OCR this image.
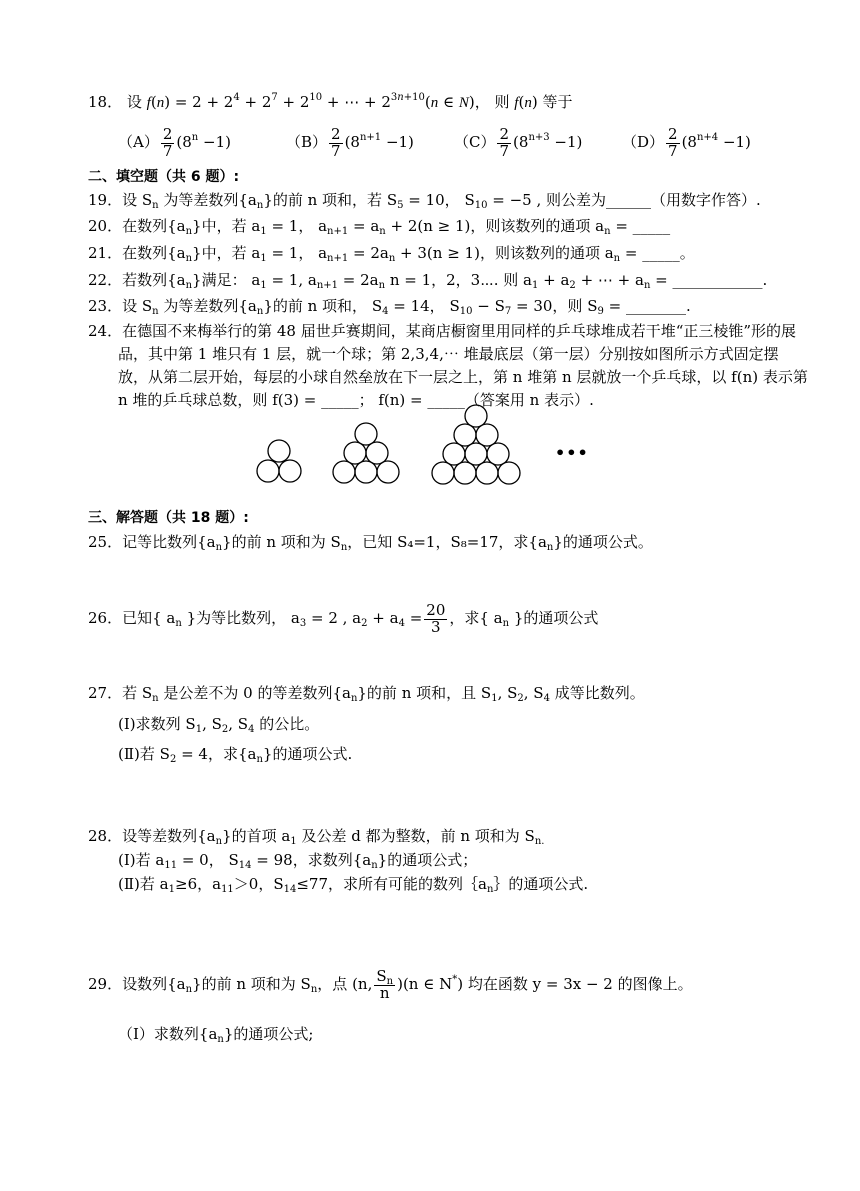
18． 设 $f(n) = 2 + 2^4 + 2^7 + 2^{10}$ + ⋯ + $2^{3n+10}(n$ ∈ N)， 则 f(n) 等于
$(A) \frac{2}{7} (8^n -1)$	$(B) \frac{2}{7} (8^{n+1} -1)$	$(C) \frac{2}{7} (8^{n+3} -1)$	$(D) \frac{2}{7} (8^{n+4} -1)$
二、填空题（共 6 题）:
19．设 $S_n$ 为等差数列$\{a_n\}$的前 n 项和，若 $S_5 = 10$， $S_{10} = -5$ , 则公差为______（用数字作答）.
20．在数列$\{a_n\}$中，若 $a_1 = 1$， $a_{n+1} = a_n + 2(n \ge 1)$，则该数列的通项 $a_n$ = _____
21．在数列$\{a_n\}$中，若 $a_1 = 1$， $a_{n+1} = 2a_n + 3(n \ge 1)$，则该数列的通项 $a_n$ = _____。
22．若数列$\{a_n\}$满足： $a_1 = 1$, $a_{n+1} = 2a_n$ n = 1，2，3⋯. 则 $a_1 + a_2$ + ⋯ + $a_n$ = ____________.
23．设 $S_n$ 为等差数列$\{a_n\}$的前 n 项和， $S_4 = 14$， $S_{10} - S_7 = 30$，则 $S_9$ = ________.
24．在德国不来梅举行的第 48 届世乒赛期间，某商店橱窗里用同样的乒乓球堆成若干堆“正三棱锥”形的展品，其中第 1 堆只有 1 层，就一个球；第 2,3,4,⋯ 堆最底层（第一层）分别按如图所示方式固定摆放，从第二层开始，每层的小球自然垒放在下一层之上，第 n 堆第 n 层就放一个乒乓球，以 f(n) 表示第 n 堆的乒乓球总数，则 f(3) = _____； f(n) = _____（答案用 n 表示）.
•••
三、解答题（共 18 题）:
25．记等比数列$\{a_n\}$的前 n 项和为 $S_n$，已知 S₄=1，S₈=17，求$\{a_n\}$的通项公式。
26．已知{ $a_n$ }为等比数列， $a_3 = 2$ , $a_2 + a_4 = \frac{20}{3}$ ，求{ $a_n$ }的通项公式
27．若 $S_n$ 是公差不为 0 的等差数列$\{a_n\}$的前 n 项和，且 $S_1$, $S_2$, $S_4$ 成等比数列。
(Ⅰ)求数列 $S_1$, $S_2$, $S_4$ 的公比。
(Ⅱ)若 $S_2 = 4$，求$\{a_n\}$的通项公式.
28．设等差数列$\{a_n\}$的首项 $a_1$ 及公差 d 都为整数，前 n 项和为 $S_{n.}$
(Ⅰ)若 $a_{11} = 0$， $S_{14} = 98$，求数列$\{a_n\}$的通项公式；
(Ⅱ)若 $a_1\ge 6$，$a_{11}>0$，$S_{14}\le 77$，求所有可能的数列$\{a_n\}$的通项公式.
29．设数列$\{a_n\}$的前 n 项和为 $S_n$，点 (n, $\frac{S_n}{n} )(n$ ∈ N*) 均在函数 y = 3x − 2 的图像上。
（Ⅰ）求数列$\{a_n\}$的通项公式;
